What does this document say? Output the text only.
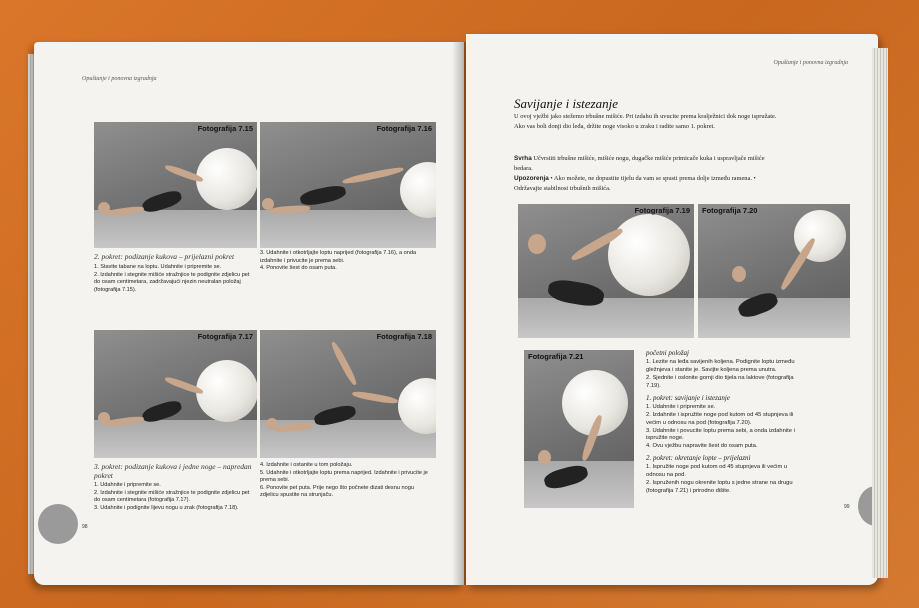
Opuštanje i ponovna izgradnja
Fotografija 7.15	Fotografija 7.16
2. pokret: podizanje kukova – prijelazni pokret

1. Stavite tabane na loptu. Udahnite i pripremite se.

2. Izdahnite i stegnite mišiće stražnjice te podignite zdjelicu pet do osam centimetara, zadržavajući njezin neutralan položaj (fotografija 7.15).

3. Udahnite i otkotrljajte loptu naprijed (fotografija 7.16), a onda izdahnite i privucite je prema sebi.

4. Ponovite šest do osam puta.

Fotografija 7.17	Fotografija 7.18
3. pokret: podizanje kukova i jedne noge – napredan pokret

1. Udahnite i pripremite se.

2. Izdahnite i stegnite mišiće stražnjice te podignite zdjelicu pet do osam centimetara (fotografija 7.17).

3. Udahnite i podignite lijevu nogu u zrak (fotografija 7.18).

4. Izdahnite i ostanite u tom položaju.

5. Udahnite i otkotrljajte loptu prema naprijed. Izdahnite i privucite je prema sebi.

6. Ponovite pet puta. Prije nego što počnete dizati desnu nogu zdjelicu spustite na strunjaču.

98
Opuštanje i ponovna izgradnja
Savijanje i istezanje
U ovoj vježbi jako stežemo trbušne mišiće. Pri izdahu ih uvucite prema kralježnici dok noge ispružate. Ako vas boli donji dio leđa, držite noge visoko u zraku i radite samo 1. pokret.
Svrha Učvrstiti trbušne mišiće, mišiće nogu, dugačke mišiće primicače kuka i uspravljače mišiće bedara.
Upozorenja • Ako možete, ne dopustite tijelu da vam se spusti prema dolje između ramena. • Održavajte stabilnost trbušnih mišića.
Fotografija 7.19 Fotografija 7.20
Fotografija 7.21	početni položaj

1. Lezite na leđa savijenih koljena. Podignite loptu između gležnjeva i stanite je. Savijte koljena prema unutra.

2. Sjednite i oslonite gornji dio tijela na laktove (fotografija 7.19).

1. pokret: savijanje i istezanje

1. Udahnite i pripremite se.

2. Izdahnite i ispružite noge pod kutom od 45 stupnjeva ili većim u odnosu na pod (fotografija 7.20).

3. Udahnite i povucite loptu prema sebi, a onda izdahnite i ispružite noge.

4. Ovu vježbu napravite šest do osam puta.

2. pokret: okretanje lopte – prijelazni

1. Ispružite noge pod kutom od 45 stupnjeva ili većim u odnosu na pod.

2. Ispruženih nogu okrenite loptu s jedne strane na drugu (fotografija 7.21) i prirodno dišite.

99
